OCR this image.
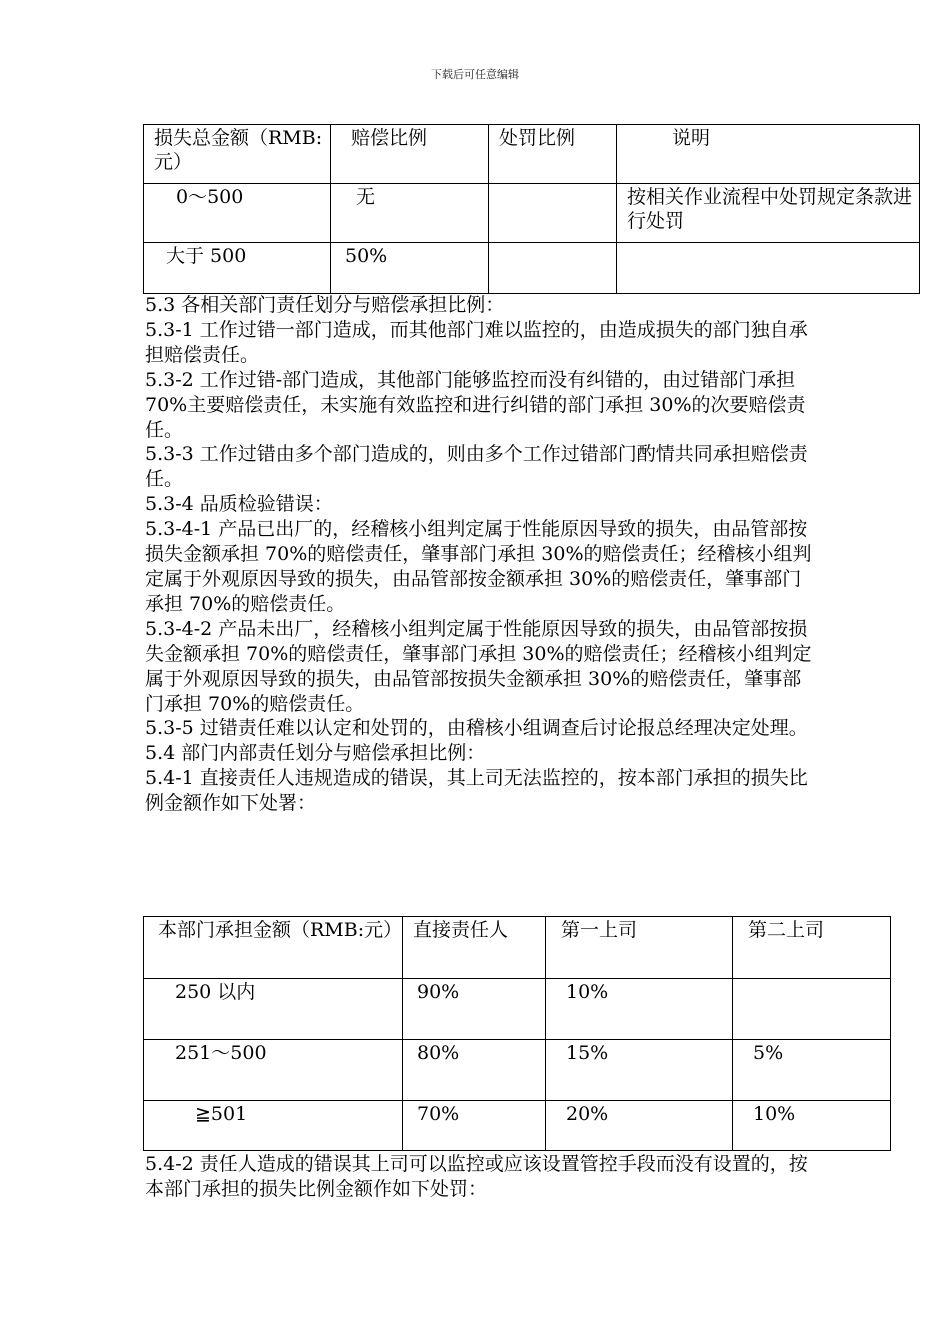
下载后可任意编辑
损失总金额（RMB:元）	赔偿比例	处罚比例	说明

0～500	无		按相关作业流程中处罚规定条款进行处罚

大于 500	50%		

5.3 各相关部门责任划分与赔偿承担比例：
5.3-1 工作过错一部门造成，而其他部门难以监控的，由造成损失的部门独自承担赔偿责任。
5.3-2 工作过错-部门造成，其他部门能够监控而没有纠错的，由过错部门承担 70%主要赔偿责任，未实施有效监控和进行纠错的部门承担 30%的次要赔偿责任。
5.3-3 工作过错由多个部门造成的，则由多个工作过错部门酌情共同承担赔偿责任。
5.3-4 品质检验错误：
5.3-4-1 产品已出厂的，经稽核小组判定属于性能原因导致的损失，由品管部按损失金额承担 70%的赔偿责任，肇事部门承担 30%的赔偿责任；经稽核小组判定属于外观原因导致的损失，由品管部按金额承担 30%的赔偿责任，肇事部门承担 70%的赔偿责任。
5.3-4-2 产品未出厂，经稽核小组判定属于性能原因导致的损失，由品管部按损失金额承担 70%的赔偿责任，肇事部门承担 30%的赔偿责任；经稽核小组判定属于外观原因导致的损失，由品管部按损失金额承担 30%的赔偿责任，肇事部门承担 70%的赔偿责任。
5.3-5 过错责任难以认定和处罚的，由稽核小组调查后讨论报总经理决定处理。
5.4 部门内部责任划分与赔偿承担比例：
5.4-1 直接责任人违规造成的错误，其上司无法监控的，按本部门承担的损失比例金额作如下处署：
本部门承担金额（RMB:元）	直接责任人	第一上司	第二上司

250 以内	90%	10%	

251～500	80%	15%	5%

≧501	70%	20%	10%
5.4-2 责任人造成的错误其上司可以监控或应该设置管控手段而没有设置的，按本部门承担的损失比例金额作如下处罚：
